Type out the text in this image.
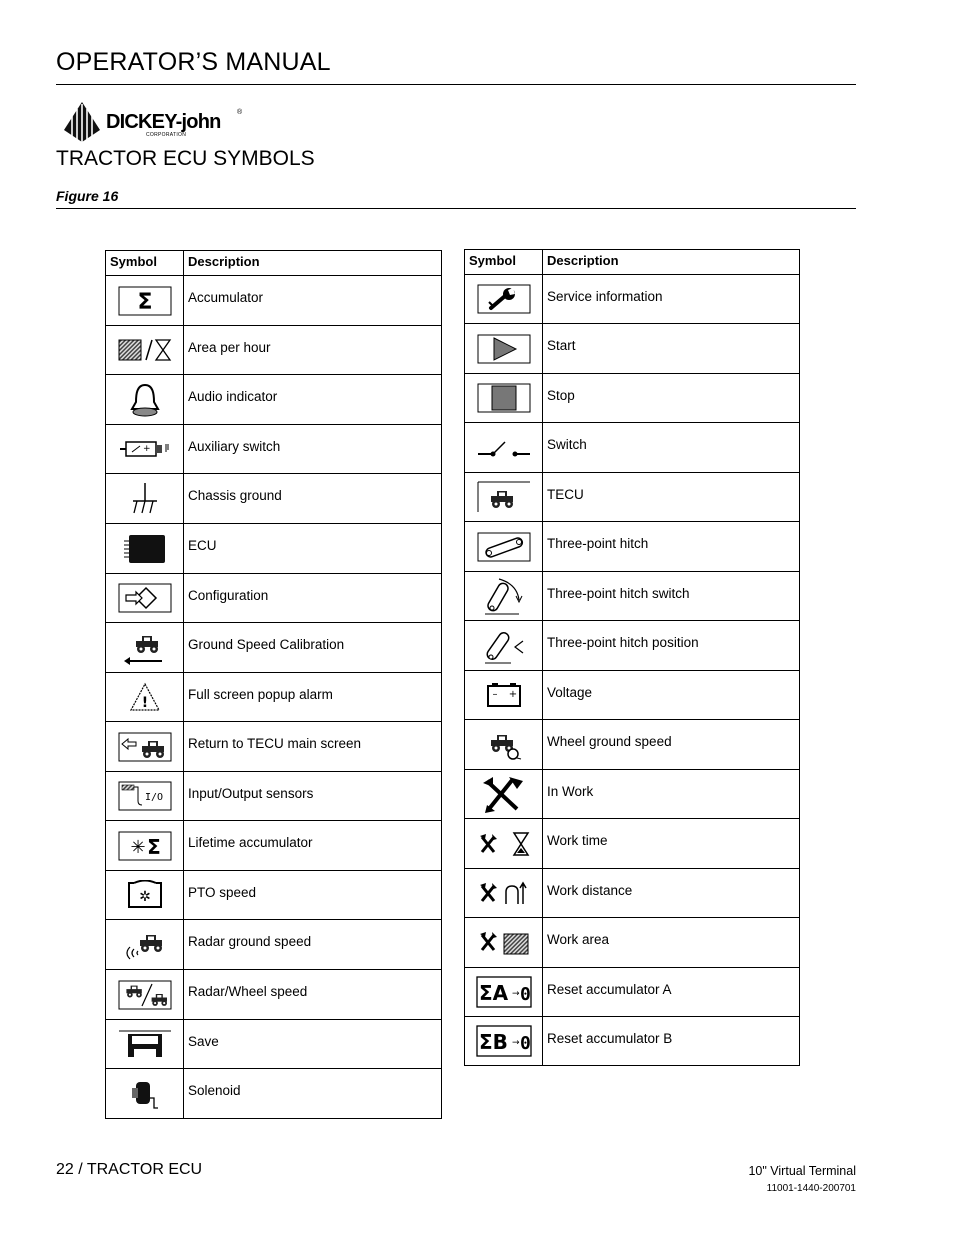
OPERATOR’S MANUAL
DICKEY-john ®
CORPORATION
TRACTOR ECU SYMBOLS
Figure 16
Symbol	Description

Σ	Accumulator

	Area per hour

	Audio indicator

+	Auxiliary switch

	Chassis ground

	ECU

	Configuration

	Ground Speed Calibration

!	Full screen popup alarm

	Return to TECU main screen

I/O	Input/Output sensors

✳ Σ	Lifetime accumulator

✲	PTO speed

	Radar ground speed

	Radar/Wheel speed

	Save

	Solenoid
Symbol	Description

	Service information

	Start

	Stop

	Switch

	TECU

	Three-point hitch

	Three-point hitch switch

	Three-point hitch position

– +	Voltage

	Wheel ground speed

	In Work

	Work time

	Work distance

	Work area

ΣA → 0	Reset accumulator A

ΣB → 0	Reset accumulator B
22 / TRACTOR ECU	10" Virtual Terminal
11001-1440-200701
